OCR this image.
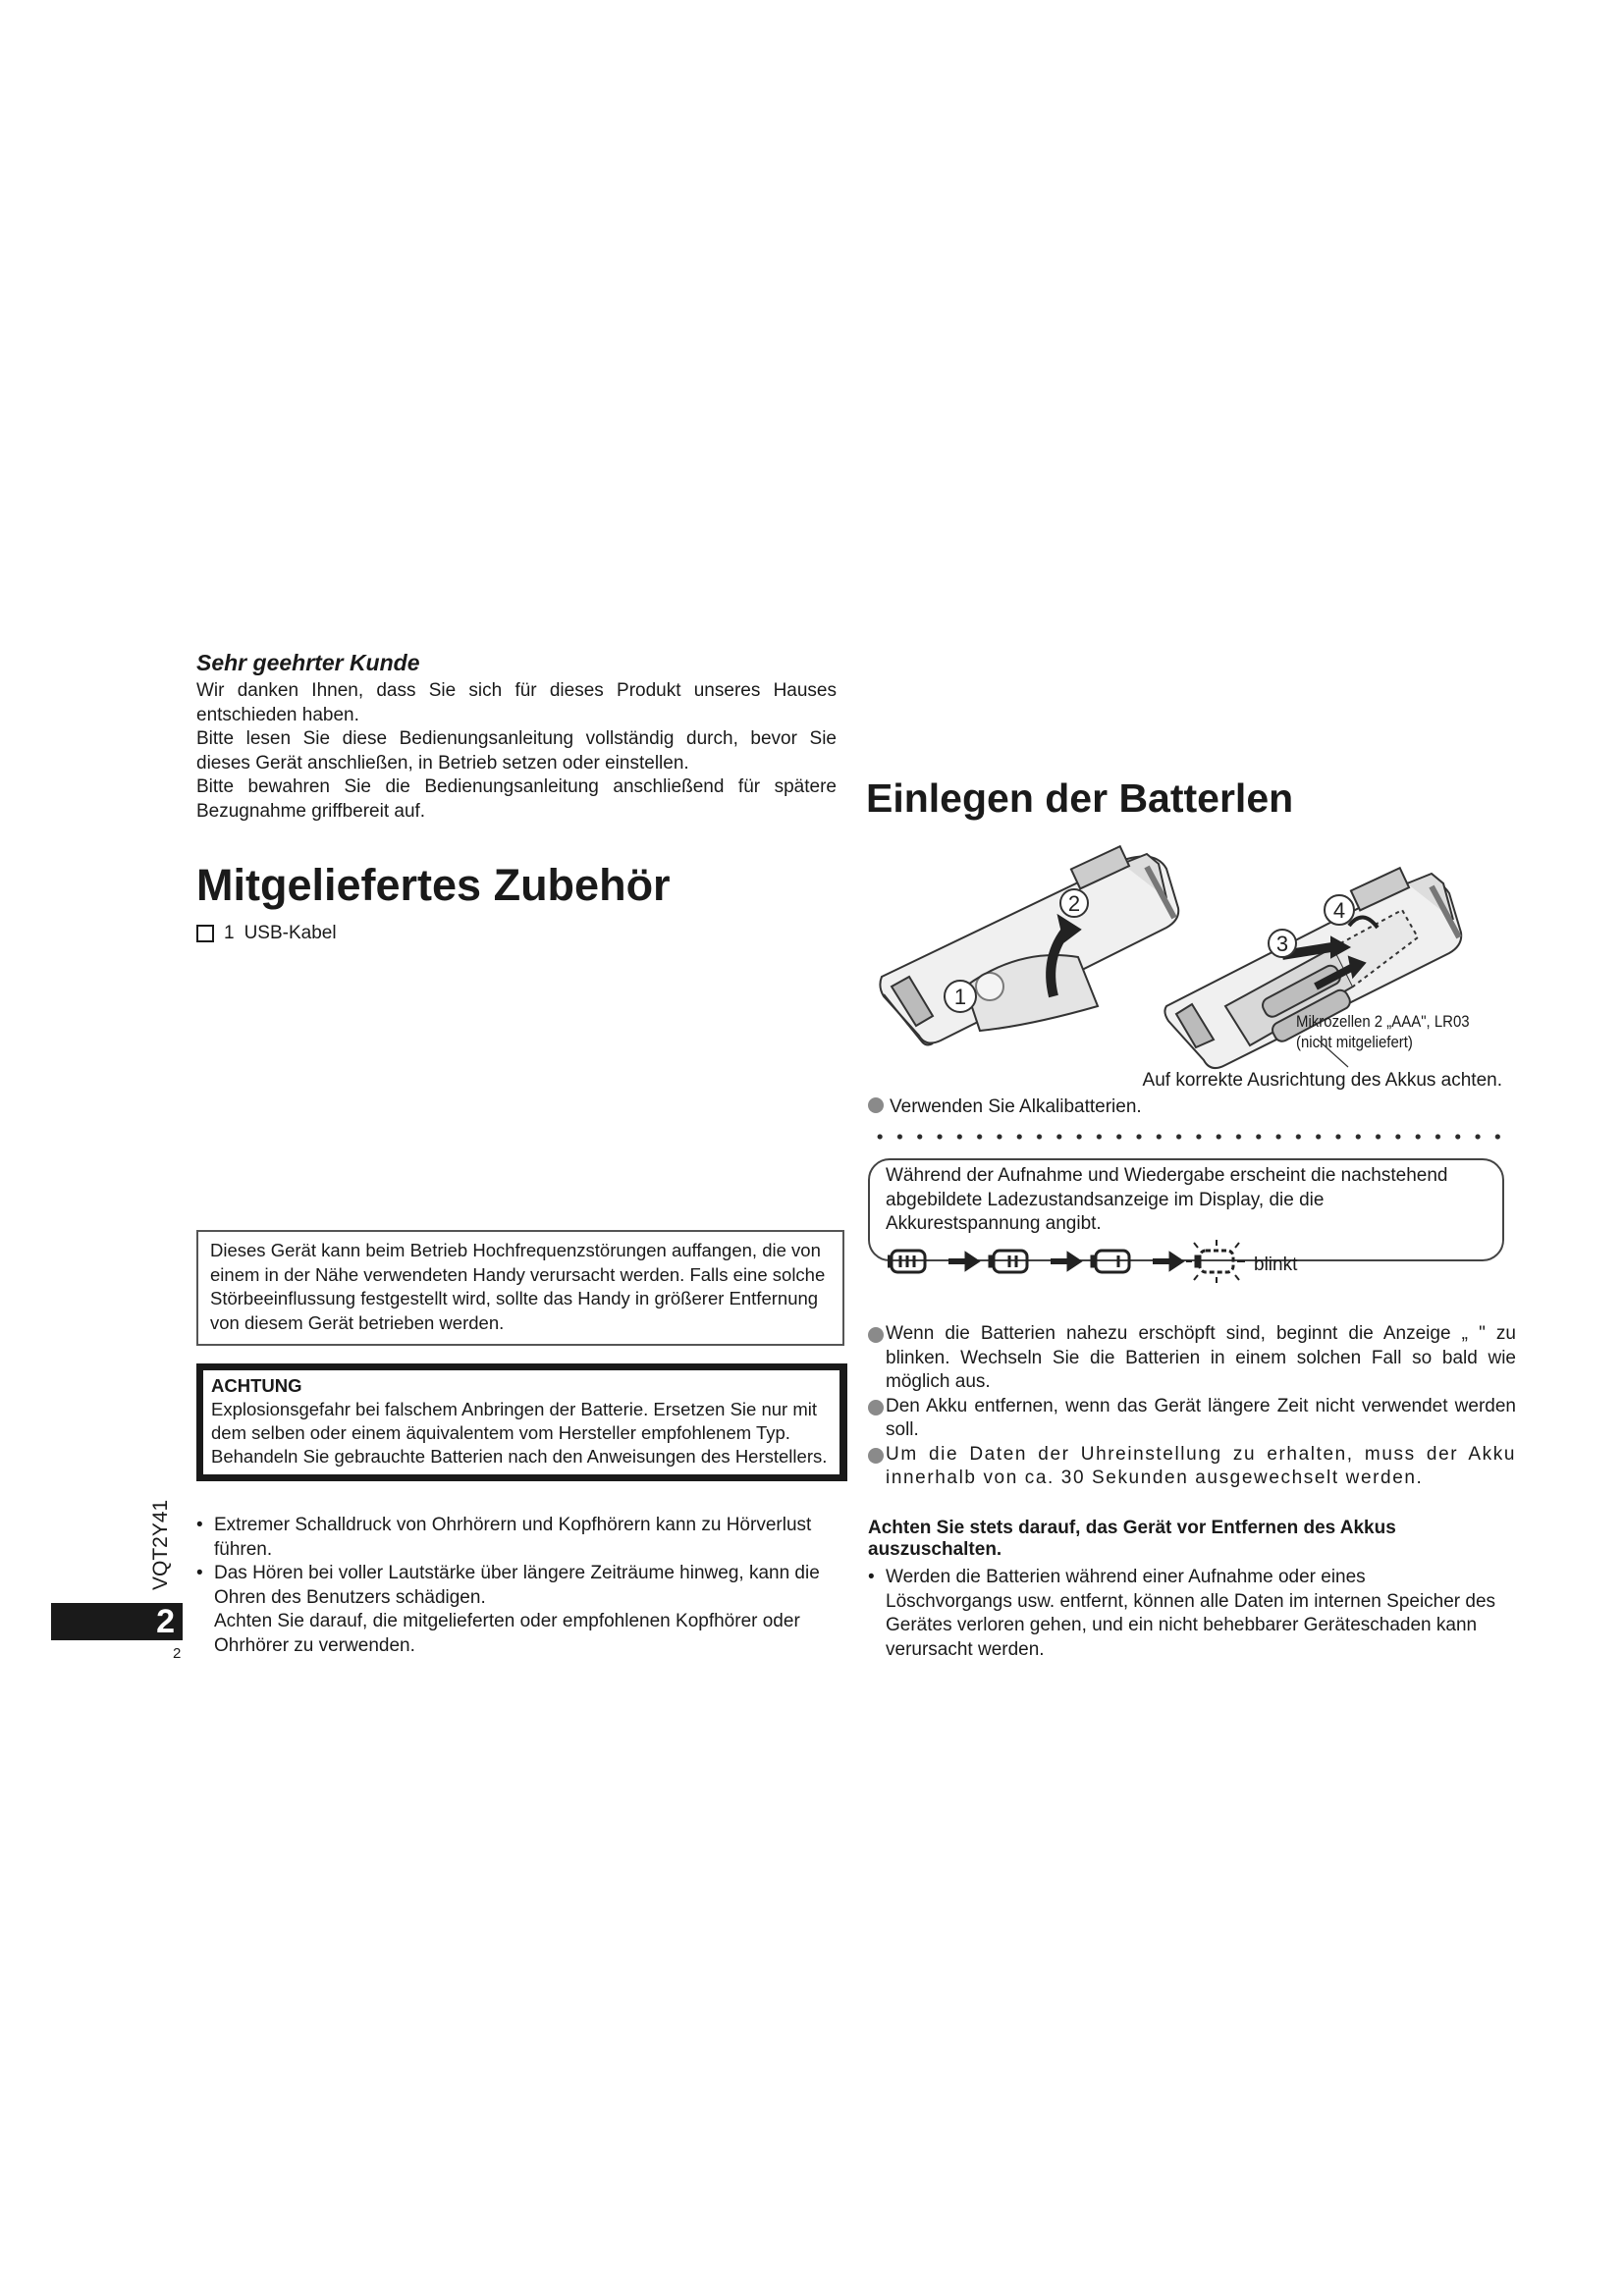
Sehr geehrter Kunde

Wir danken Ihnen, dass Sie sich für dieses Produkt unseres Hauses entschieden haben.

Bitte lesen Sie diese Bedienungsanleitung vollständig durch, bevor Sie dieses Gerät anschließen, in Betrieb setzen oder einstellen.

Bitte bewahren Sie die Bedienungsanleitung anschließend für spätere Bezugnahme griffbereit auf.

Mitgeliefertes Zubehör
1 USB-Kabel
Dieses Gerät kann beim Betrieb Hochfrequenzstörungen auffangen, die von einem in der Nähe verwendeten Handy verursacht werden. Falls eine solche Störbeeinflussung festgestellt wird, sollte das Handy in größerer Entfernung von diesem Gerät betrieben werden.
ACHTUNG
Explosionsgefahr bei falschem Anbringen der Batterie. Ersetzen Sie nur mit dem selben oder einem äquivalentem vom Hersteller empfohlenem Typ. Behandeln Sie gebrauchte Batterien nach den Anweisungen des Herstellers.
• Extremer Schalldruck von Ohrhörern und Kopfhörern kann zu Hörverlust führen.
• Das Hören bei voller Lautstärke über längere Zeiträume hinweg, kann die Ohren des Benutzers schädigen.
Achten Sie darauf, die mitgelieferten oder empfohlenen Kopfhörer oder Ohrhörer zu verwenden.
VQT2Y41
2
2
Einlegen der Batterlen
2
1
3
4
Mikrozellen 2 „AAA", LR03
(nicht mitgeliefert)
Auf korrekte Ausrichtung des Akkus achten.
Verwenden Sie Alkalibatterien.
Während der Aufnahme und Wiedergabe erscheint die nachstehend abgebildete Ladezustandsanzeige im Display, die die Akkurestspannung angibt.
blinkt
Wenn die Batterien nahezu erschöpft sind, beginnt die Anzeige „ " zu blinken. Wechseln Sie die Batterien in einem solchen Fall so bald wie möglich aus.
Den Akku entfernen, wenn das Gerät längere Zeit nicht verwendet werden soll.
Um die Daten der Uhreinstellung zu erhalten, muss der Akku innerhalb von ca. 30 Sekunden ausgewechselt werden.
Achten Sie stets darauf, das Gerät vor Entfernen des Akkus auszuschalten.
• Werden die Batterien während einer Aufnahme oder eines Löschvorgangs usw. entfernt, können alle Daten im internen Speicher des Gerätes verloren gehen, und ein nicht behebbarer Geräteschaden kann verursacht werden.
